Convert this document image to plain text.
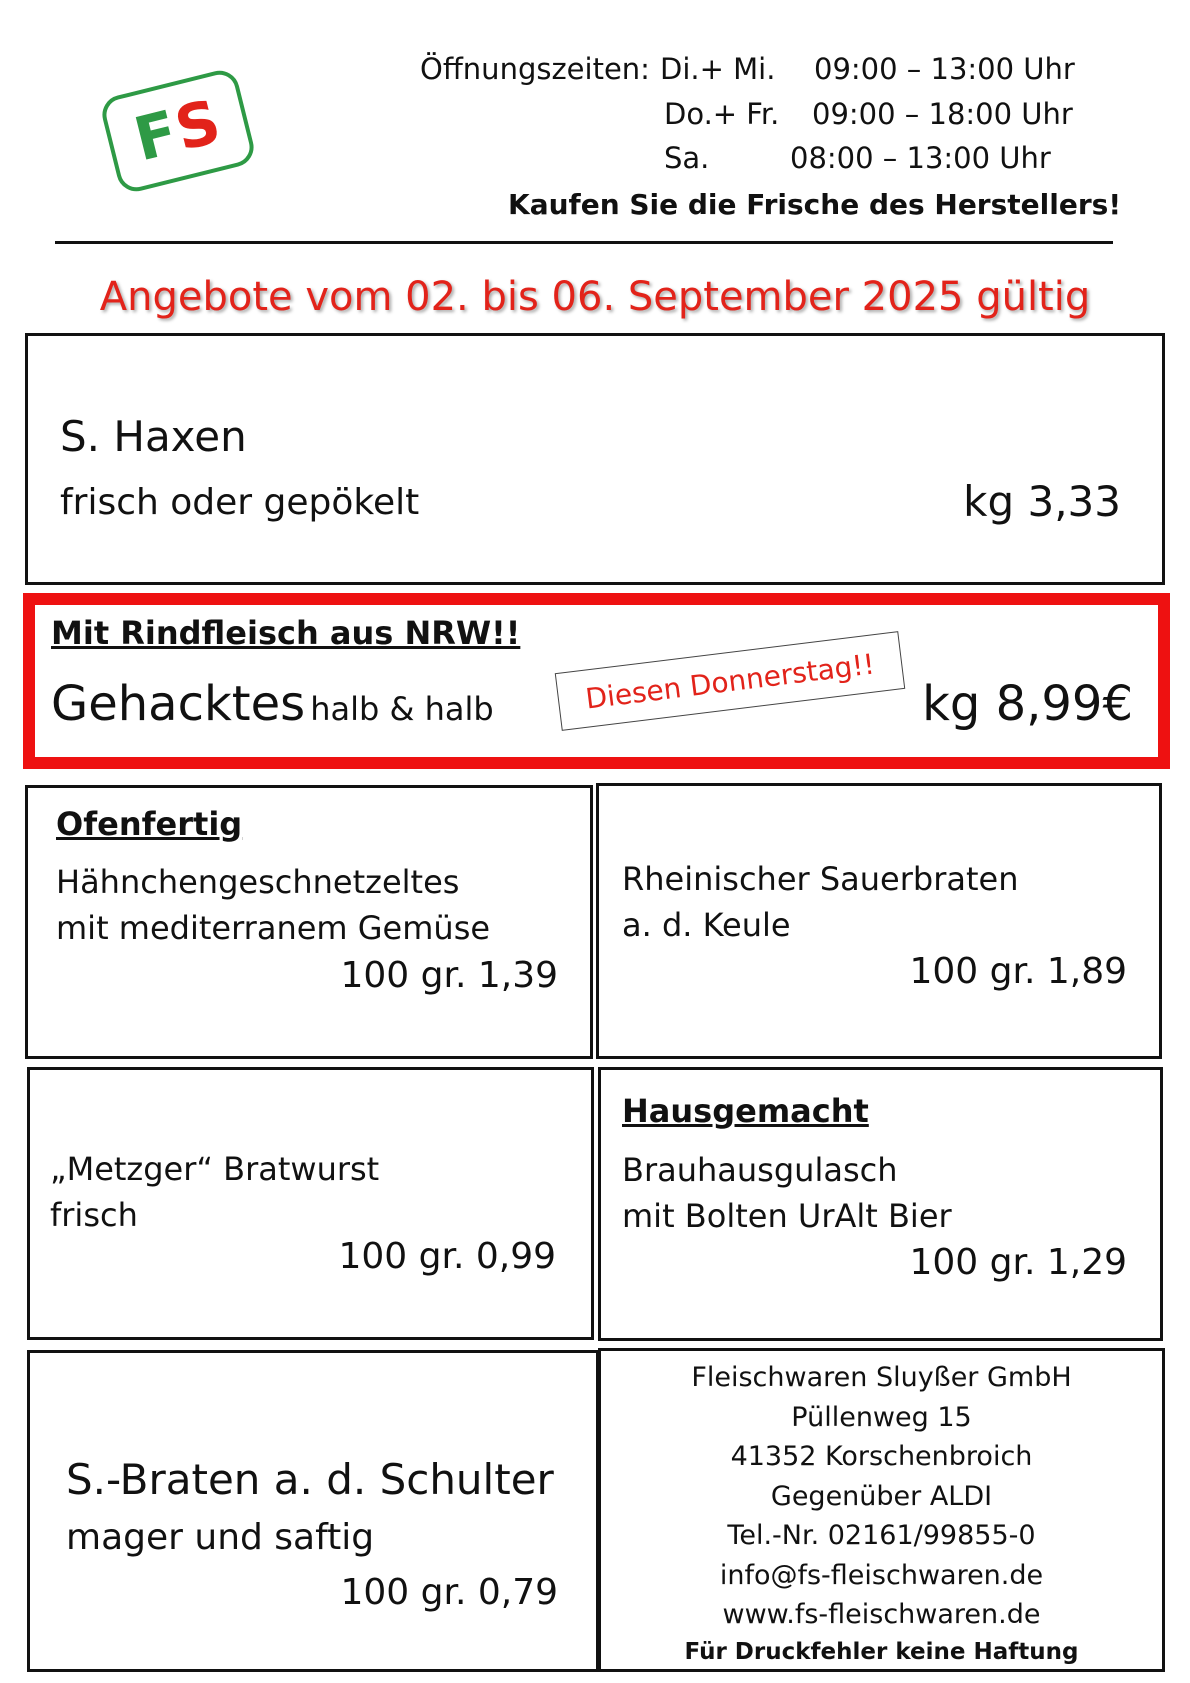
F
S
Öffnungszeiten: Di.+ Mi. 09:00 – 13:00 Uhr
Do.+ Fr. 09:00 – 18:00 Uhr
Sa.	08:00 – 13:00 Uhr
Kaufen Sie die Frische des Herstellers!
Angebote vom 02. bis 06. September 2025 gültig
S. Haxen
frisch oder gepökelt	kg 3,33
Mit Rindfleisch aus NRW!!
Gehacktes halb & halb	Diesen Donnerstag!! kg 8,99€
Ofenfertig
Hähnchengeschnetzeltes
mit mediterranem Gemüse
100 gr. 1,39
Rheinischer Sauerbraten
a. d. Keule
100 gr. 1,89
„Metzger“ Bratwurst
frisch
100 gr. 0,99
Hausgemacht
Brauhausgulasch
mit Bolten UrAlt Bier
100 gr. 1,29
S.-Braten a. d. Schulter
mager und saftig
100 gr. 0,79
Fleischwaren Sluyßer GmbH
Püllenweg 15
41352 Korschenbroich
Gegenüber ALDI
Tel.-Nr. 02161/99855-0
info@fs-fleischwaren.de
www.fs-fleischwaren.de
Für Druckfehler keine Haftung
